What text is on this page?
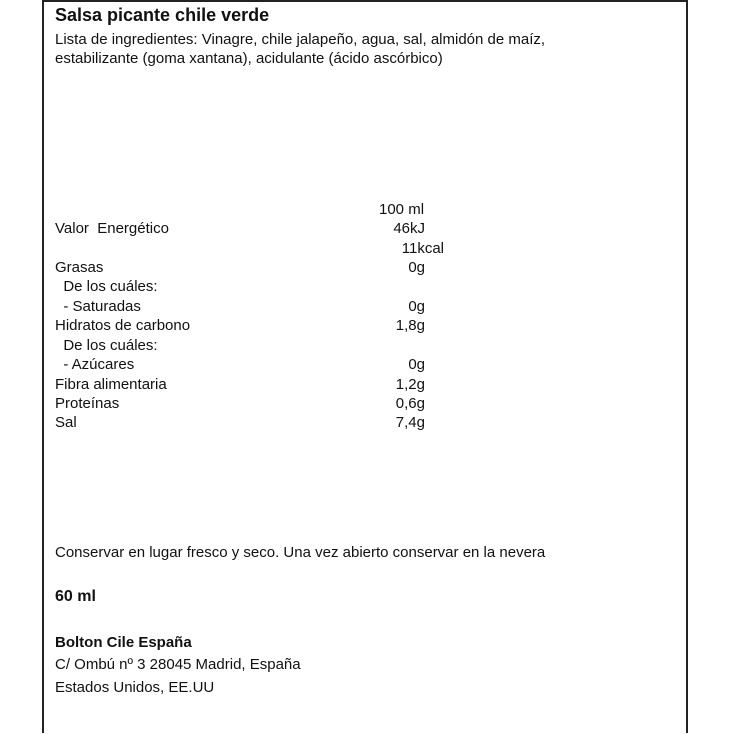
Salsa picante chile verde
Lista de ingredientes: Vinagre, chile jalapeño, agua, sal, almidón de maíz,
estabilizante (goma xantana), acidulante (ácido ascórbico)
100 ml
Valor  Energético	46kJ
11kcal
Grasas	0g
De los cuáles:
- Saturadas	0g
Hidratos de carbono	1,8g
De los cuáles:
- Azúcares	0g
Fibra alimentaria	1,2g
Proteínas	0,6g
Sal	7,4g
Conservar en lugar fresco y seco. Una vez abierto conservar en la nevera
60 ml
Bolton Cile España
C/ Ombú nº 3 28045 Madrid, España
Estados Unidos, EE.UU
